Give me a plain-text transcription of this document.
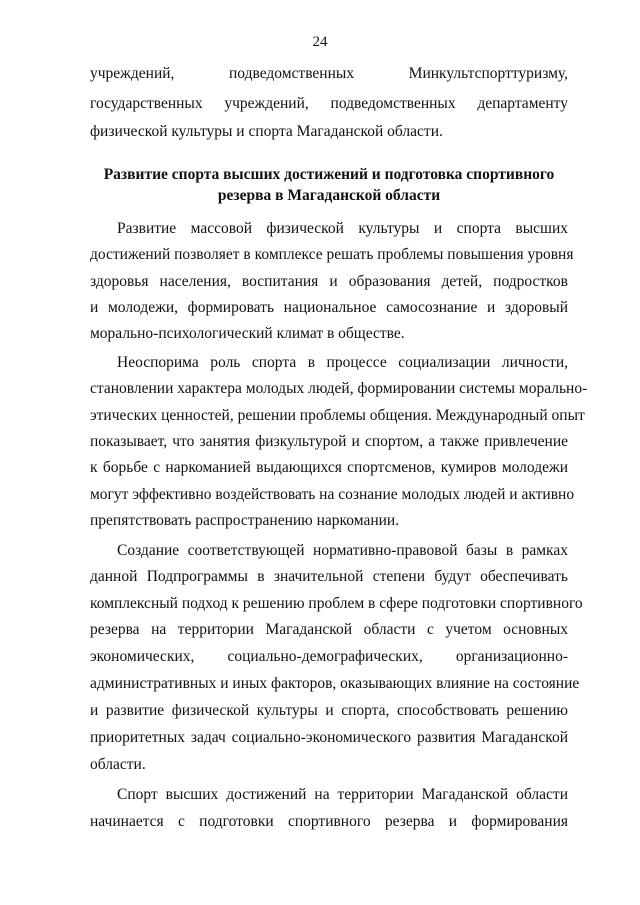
24
учреждений, подведомственных Минкультспорттуризму,
государственных учреждений, подведомственных департаменту
физической культуры и спорта Магаданской области.
Развитие спорта высших достижений и подготовка спортивного
резерва в Магаданской области
Развитие массовой физической культуры и спорта высших
достижений позволяет в комплексе решать проблемы повышения уровня
здоровья населения, воспитания и образования детей, подростков
и молодежи, формировать национальное самосознание и здоровый
морально-психологический климат в обществе.
Неоспорима роль спорта в процессе социализации личности,
становлении характера молодых людей, формировании системы морально-
этических ценностей, решении проблемы общения. Международный опыт
показывает, что занятия физкультурой и спортом, а также привлечение
к борьбе с наркоманией выдающихся спортсменов, кумиров молодежи
могут эффективно воздействовать на сознание молодых людей и активно
препятствовать распространению наркомании.
Создание соответствующей нормативно-правовой базы в рамках
данной Подпрограммы в значительной степени будут обеспечивать
комплексный подход к решению проблем в сфере подготовки спортивного
резерва на территории Магаданской области с учетом основных
экономических, социально-демографических, организационно-
административных и иных факторов, оказывающих влияние на состояние
и развитие физической культуры и спорта, способствовать решению
приоритетных задач социально-экономического развития Магаданской
области.
Спорт высших достижений на территории Магаданской области
начинается с подготовки спортивного резерва и формирования
